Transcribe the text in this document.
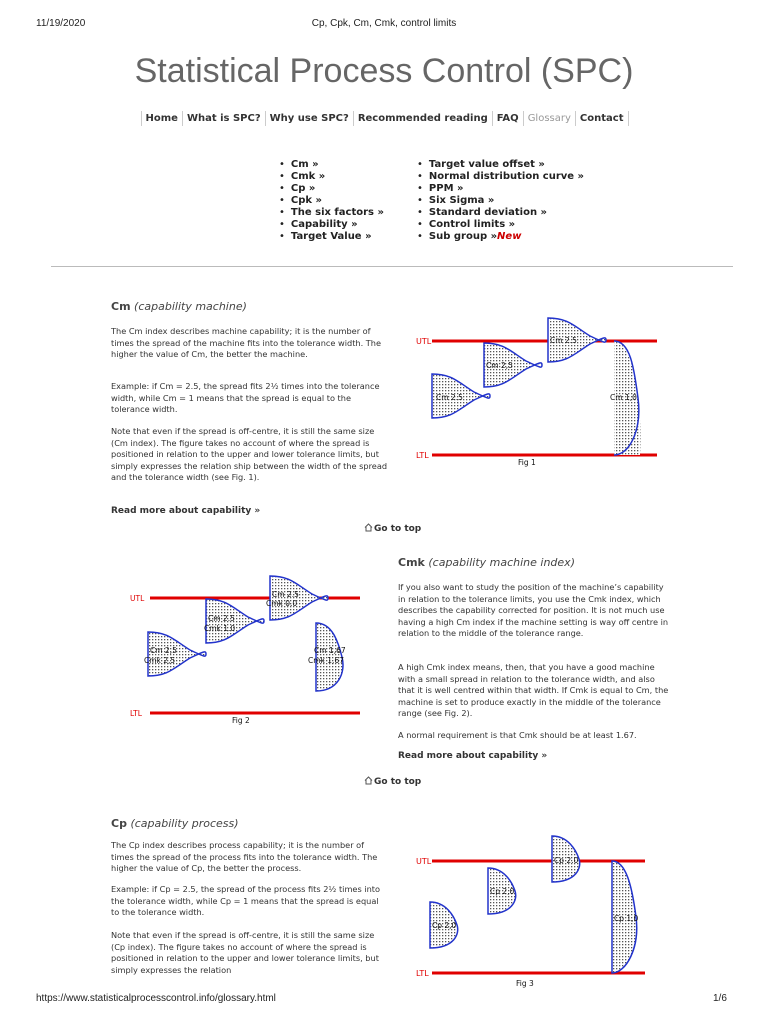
11/19/2020	Cp, Cpk, Cm, Cmk, control limits
Statistical Process Control (SPC)
Home What is SPC? Why use SPC? Recommended reading FAQ Glossary Contact
• Cm »
• Cmk »
• Cp »
• Cpk »
• The six factors »
• Capability »
• Target Value »
• Target value offset »
• Normal distribution curve »
• PPM »
• Six Sigma »
• Standard deviation »
• Control limits »
• Sub group »New
Cm (capability machine)

The Cm index describes machine capability; it is the number of times the spread of the machine fits into the tolerance width. The higher the value of Cm, the better the machine.

Example: if Cm = 2.5, the spread fits 2½ times into the tolerance width, while Cm = 1 means that the spread is equal to the tolerance width.

Note that even if the spread is off-centre, it is still the same size (Cm index). The figure takes no account of where the spread is positioned in relation to the upper and lower tolerance limits, but simply expresses the relation ship between the width of the spread and the tolerance width (see Fig. 1).

Read more about capability »
UTL
LTL
Cm 2.5
Cm 2,5
Cm 2.5
Cm 1,0
Fig 1
Go to top
UTL
LTL
Cm 2,5
Cmk 2,5
Cm 2.5
Cmk 1.0
Cm 2.5
Cmk 0.0
Cm 1,67
Cmk 1,67
Fig 2
Cmk (capability machine index)

If you also want to study the position of the machine’s capability in relation to the tolerance limits, you use the Cmk index, which describes the capability corrected for position. It is not much use having a high Cm index if the machine setting is way off centre in relation to the middle of the tolerance range.

A high Cmk index means, then, that you have a good machine with a small spread in relation to the tolerance width, and also that it is well centred within that width. If Cmk is equal to Cm, the machine is set to produce exactly in the middle of the tolerance range (see Fig. 2).

A normal requirement is that Cmk should be at least 1.67.

Read more about capability »
Go to top
Cp (capability process)

The Cp index describes process capability; it is the number of times the spread of the process fits into the tolerance width. The higher the value of Cp, the better the process.

Example: if Cp = 2.5, the spread of the process fits 2½ times into the tolerance width, while Cp = 1 means that the spread is equal to the tolerance width.

Note that even if the spread is off-centre, it is still the same size (Cp index). The figure takes no account of where the spread is positioned in relation to the upper and lower tolerance limits, but simply expresses the relation

UTL
LTL
Cp 2,0
Cp 2,0
Cp 2.0
Cp 1,0
Fig 3
https://www.statisticalprocesscontrol.info/glossary.html	1/6
